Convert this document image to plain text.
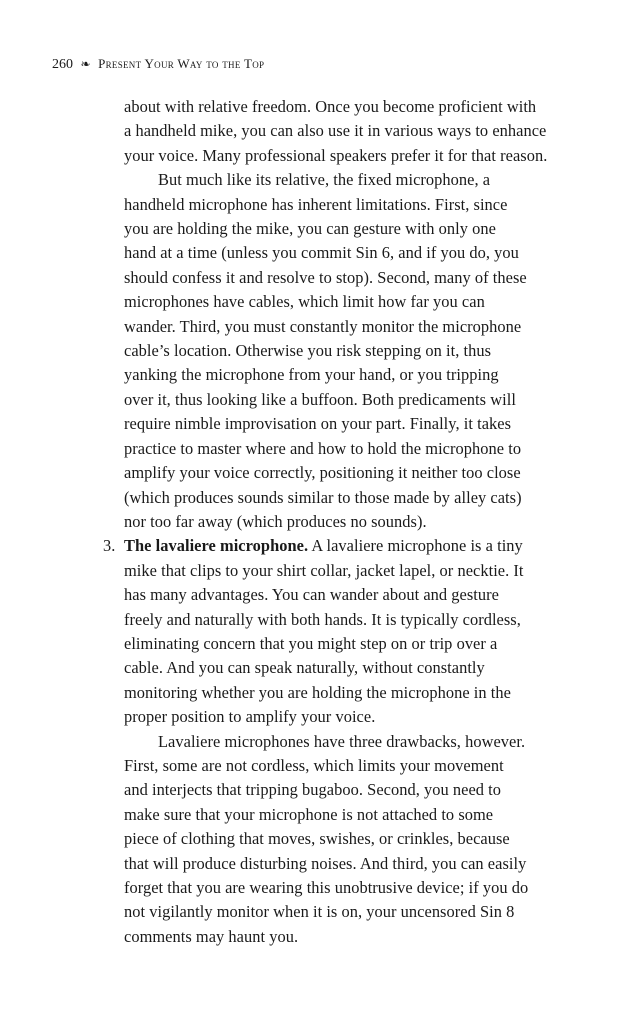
260 ❧ Present Your Way to the Top
about with relative freedom. Once you become proficient with
a handheld mike, you can also use it in various ways to enhance
your voice. Many professional speakers prefer it for that reason.
But much like its relative, the fixed microphone, a
handheld microphone has inherent limitations. First, since
you are holding the mike, you can gesture with only one
hand at a time (unless you commit Sin 6, and if you do, you
should confess it and resolve to stop). Second, many of these
microphones have cables, which limit how far you can
wander. Third, you must constantly monitor the microphone
cable’s location. Otherwise you risk stepping on it, thus
yanking the microphone from your hand, or you tripping
over it, thus looking like a buffoon. Both predicaments will
require nimble improvisation on your part. Finally, it takes
practice to master where and how to hold the microphone to
amplify your voice correctly, positioning it neither too close
(which produces sounds similar to those made by alley cats)
nor too far away (which produces no sounds).
3. The lavaliere microphone. A lavaliere microphone is a tiny
mike that clips to your shirt collar, jacket lapel, or necktie. It
has many advantages. You can wander about and gesture
freely and naturally with both hands. It is typically cordless,
eliminating concern that you might step on or trip over a
cable. And you can speak naturally, without constantly
monitoring whether you are holding the microphone in the
proper position to amplify your voice.
Lavaliere microphones have three drawbacks, however.
First, some are not cordless, which limits your movement
and interjects that tripping bugaboo. Second, you need to
make sure that your microphone is not attached to some
piece of clothing that moves, swishes, or crinkles, because
that will produce disturbing noises. And third, you can easily
forget that you are wearing this unobtrusive device; if you do
not vigilantly monitor when it is on, your uncensored Sin 8
comments may haunt you.
